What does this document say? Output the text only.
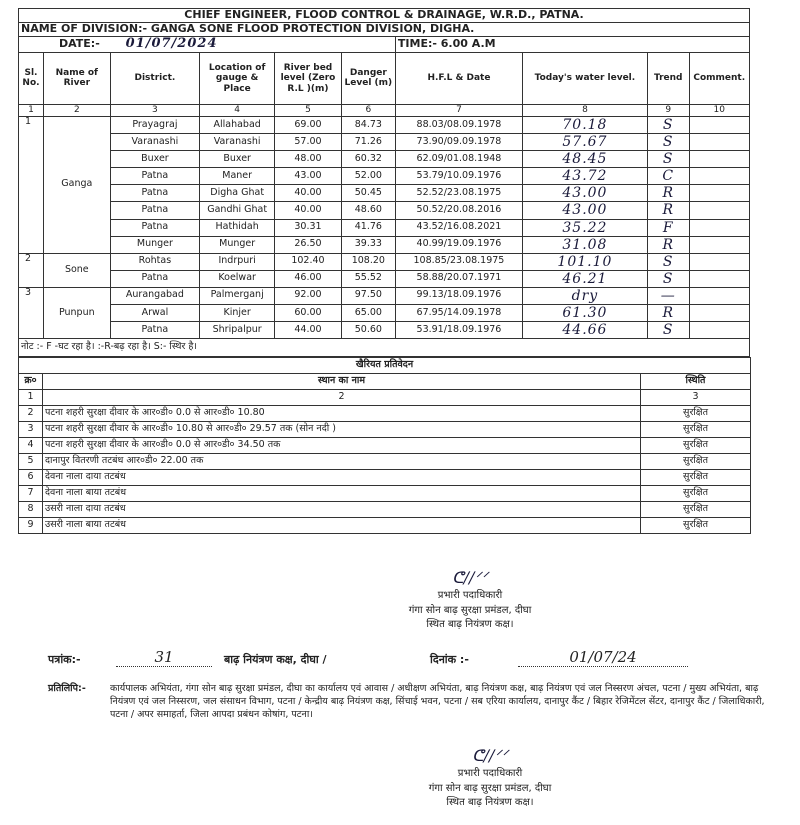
CHIEF ENGINEER, FLOOD CONTROL & DRAINAGE, W.R.D., PATNA.									
NAME OF DIVISION:- GANGA SONE FLOOD PROTECTION DIVISION, DIGHA.									
DATE:- 01/07/2024						TIME:- 6.00 A.M			
Sl. No.	Name of River	District.	Location of gauge & Place	River bed level (Zero R.L )(m)	Danger Level (m)	H.F.L & Date	Today's water level.	Trend	Comment.
1	2	3	4	5	6	7	8	9	10
1	Ganga	Prayagraj	Allahabad	69.00	84.73	88.03/08.09.1978	70.18	S	
		Varanashi	Varanashi	57.00	71.26	73.90/09.09.1978	57.67	S	
		Buxer	Buxer	48.00	60.32	62.09/01.08.1948	48.45	S	
		Patna	Maner	43.00	52.00	53.79/10.09.1976	43.72	C	
		Patna	Digha Ghat	40.00	50.45	52.52/23.08.1975	43.00	R	
		Patna	Gandhi Ghat	40.00	48.60	50.52/20.08.2016	43.00	R	
		Patna	Hathidah	30.31	41.76	43.52/16.08.2021	35.22	F	
		Munger	Munger	26.50	39.33	40.99/19.09.1976	31.08	R	
2	Sone	Rohtas	Indrpuri	102.40	108.20	108.85/23.08.1975	101.10	S	
		Patna	Koelwar	46.00	55.52	58.88/20.07.1971	46.21	S	
3	Punpun	Aurangabad	Palmerganj	92.00	97.50	99.13/18.09.1976	dry	—	
		Arwal	Kinjer	60.00	65.00	67.95/14.09.1978	61.30	R	
		Patna	Shripalpur	44.00	50.60	53.91/18.09.1976	44.66	S	
नोट :- F -घट रहा है। :-R-बढ़ रहा है। S:- स्थिर है।									
खैरियत प्रतिवेदन		
क्र०	स्थान का नाम	स्थिति
1	2	3
2	पटना शहरी सुरक्षा दीवार के आर०डी० 0.0 से आर०डी० 10.80	सुरक्षित
3	पटना शहरी सुरक्षा दीवार के आर०डी० 10.80 से आर०डी० 29.57 तक (सोन नदी )	सुरक्षित
4	पटना शहरी सुरक्षा दीवार के आर०डी० 0.0 से आर०डी० 34.50 तक	सुरक्षित
5	दानापुर वितरणी तटबंध आर०डी० 22.00 तक	सुरक्षित
6	देवना नाला दाया तटबंध	सुरक्षित
7	देवना नाला बाया तटबंध	सुरक्षित
8	उसरी नाला दाया तटबंध	सुरक्षित
9	उसरी नाला बाया तटबंध	सुरक्षित
ᕦ∕∕ᐟᐟ
प्रभारी पदाधिकारी
गंगा सोन बाढ़ सुरक्षा प्रमंडल, दीघा
स्थित बाढ़ नियंत्रण कक्ष।
पत्रांक:-	31	बाढ़ नियंत्रण कक्ष, दीघा /	दिनांक :-	01/07/24
प्रतिलिपि:-	कार्यपालक अभियंता, गंगा सोन बाढ़ सुरक्षा प्रमंडल, दीघा का कार्यालय एवं आवास / अधीक्षण अभियंता, बाढ़ नियंत्रण कक्ष, बाढ़ नियंत्रण एवं जल निस्सरण अंचल, पटना / मुख्य अभियंता, बाढ़ नियंत्रण एवं जल निस्सरण, जल संसाधन विभाग, पटना / केन्द्रीय बाढ़ नियंत्रण कक्ष, सिंचाई भवन, पटना / सब एरिया कार्यालय, दानापुर कैंट / बिहार रेजिमेंटल सेंटर, दानापुर कैंट / जिलाधिकारी, पटना / अपर समाहर्ता, जिला आपदा प्रबंधन कोषांग, पटना।
ᕦ∕∕ᐟᐟ
प्रभारी पदाधिकारी
गंगा सोन बाढ़ सुरक्षा प्रमंडल, दीघा
स्थित बाढ़ नियंत्रण कक्ष।
